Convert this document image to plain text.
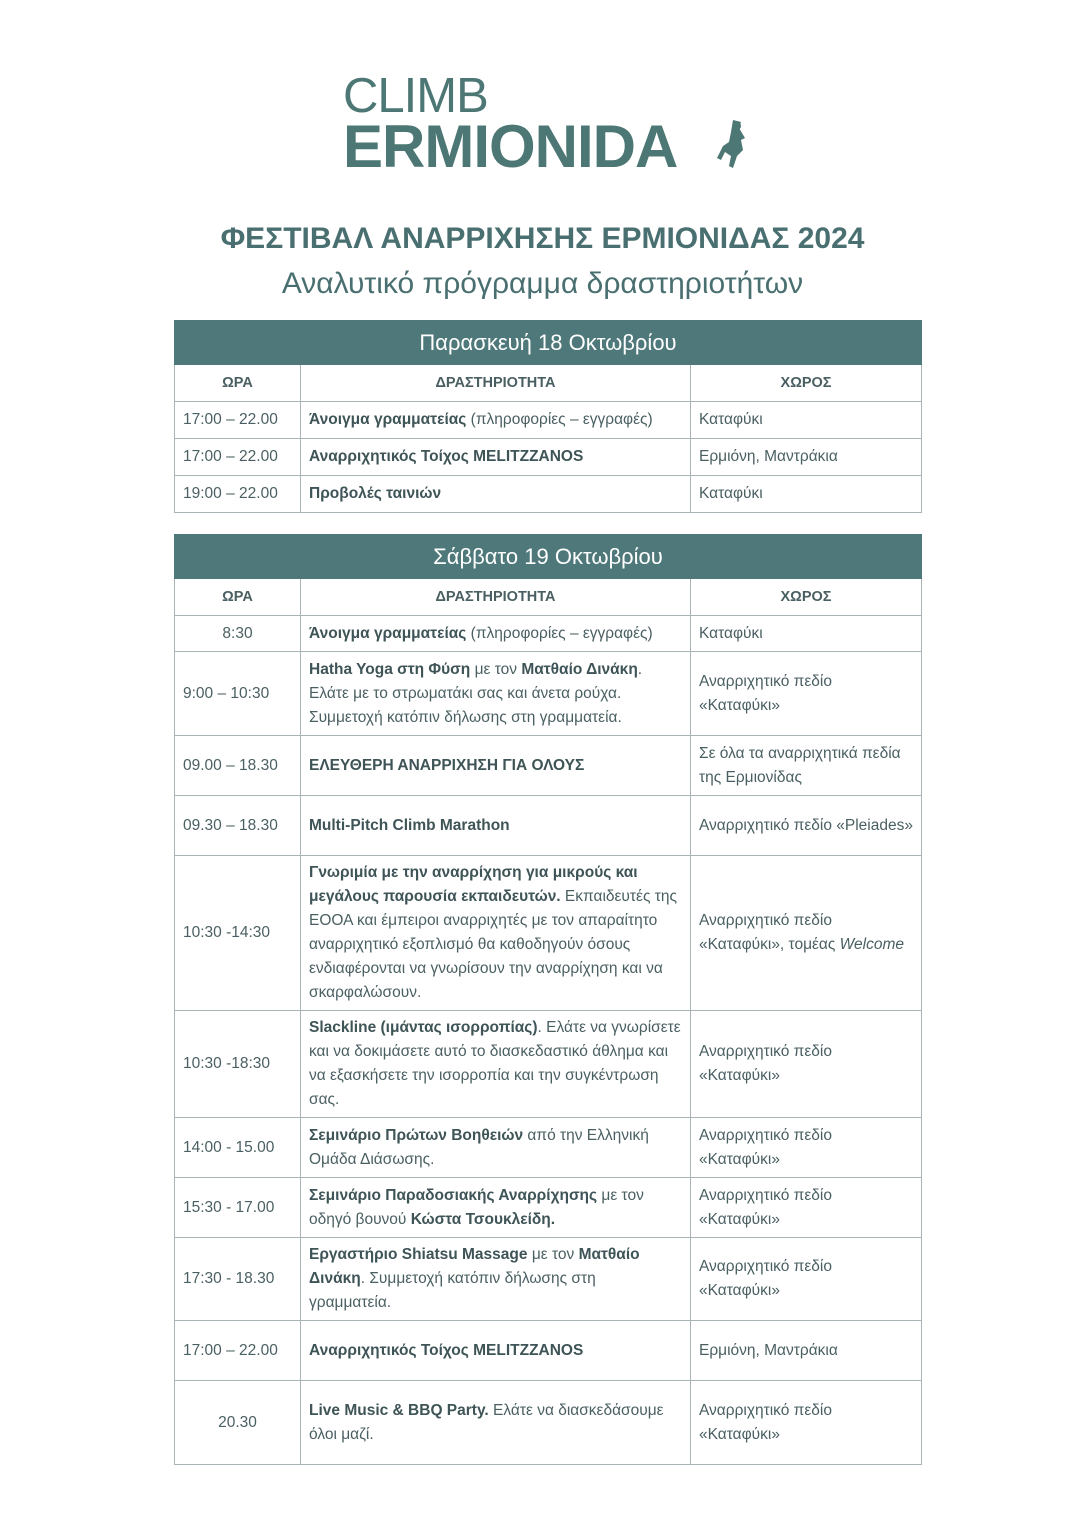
CLIMB
ERMIONIDA
ΦΕΣΤΙΒΑΛ ΑΝΑΡΡΙΧΗΣΗΣ ΕΡΜΙΟΝΙΔΑΣ 2024
Αναλυτικό πρόγραμμα δραστηριοτήτων
Παρασκευή 18 Οκτωβρίου		
ΩΡΑ	ΔΡΑΣΤΗΡΙΟΤΗΤΑ	ΧΩΡΟΣ
17:00 – 22.00	Άνοιγμα γραμματείας (πληροφορίες – εγγραφές)	Καταφύκι
17:00 – 22.00	Αναρριχητικός Τοίχος MELITZZANOS	Ερμιόνη, Μαντράκια
19:00 – 22.00	Προβολές ταινιών	Καταφύκι
Σάββατο 19 Οκτωβρίου		
ΩΡΑ	ΔΡΑΣΤΗΡΙΟΤΗΤΑ	ΧΩΡΟΣ
8:30	Άνοιγμα γραμματείας (πληροφορίες – εγγραφές)	Καταφύκι
9:00 – 10:30	Hatha Yoga στη Φύση με τον Ματθαίο Δινάκη. Ελάτε με το στρωματάκι σας και άνετα ρούχα. Συμμετοχή κατόπιν δήλωσης στη γραμματεία.	Αναρριχητικό πεδίο «Καταφύκι»
09.00 – 18.30	ΕΛΕΥΘΕΡΗ ΑΝΑΡΡΙΧΗΣΗ ΓΙΑ ΟΛΟΥΣ	Σε όλα τα αναρριχητικά πεδία της Ερμιονίδας
09.30 – 18.30	Multi-Pitch Climb Marathon	Αναρριχητικό πεδίο «Pleiades»
10:30 -14:30	Γνωριμία με την αναρρίχηση για μικρούς και μεγάλους παρουσία εκπαιδευτών. Εκπαιδευτές της ΕΟΟΑ και έμπειροι αναρριχητές με τον απαραίτητο αναρριχητικό εξοπλισμό θα καθοδηγούν όσους ενδιαφέρονται να γνωρίσουν την αναρρίχηση και να σκαρφαλώσουν.	Αναρριχητικό πεδίο «Καταφύκι», τομέας Welcome
10:30 -18:30	Slackline (ιμάντας ισορροπίας). Ελάτε να γνωρίσετε και να δοκιμάσετε αυτό το διασκεδαστικό άθλημα και να εξασκήσετε την ισορροπία και την συγκέντρωση σας.	Αναρριχητικό πεδίο «Καταφύκι»
14:00 - 15.00	Σεμινάριο Πρώτων Βοηθειών από την Ελληνική Ομάδα Διάσωσης.	Αναρριχητικό πεδίο «Καταφύκι»
15:30 - 17.00	Σεμινάριο Παραδοσιακής Αναρρίχησης με τον οδηγό βουνού Κώστα Τσουκλείδη.	Αναρριχητικό πεδίο «Καταφύκι»
17:30 - 18.30	Εργαστήριο Shiatsu Massage με τον Ματθαίο Δινάκη. Συμμετοχή κατόπιν δήλωσης στη γραμματεία.	Αναρριχητικό πεδίο «Καταφύκι»
17:00 – 22.00	Αναρριχητικός Τοίχος MELITZZANOS	Ερμιόνη, Μαντράκια
20.30	Live Music & BBQ Party. Ελάτε να διασκεδάσουμε όλοι μαζί.	Αναρριχητικό πεδίο «Καταφύκι»
